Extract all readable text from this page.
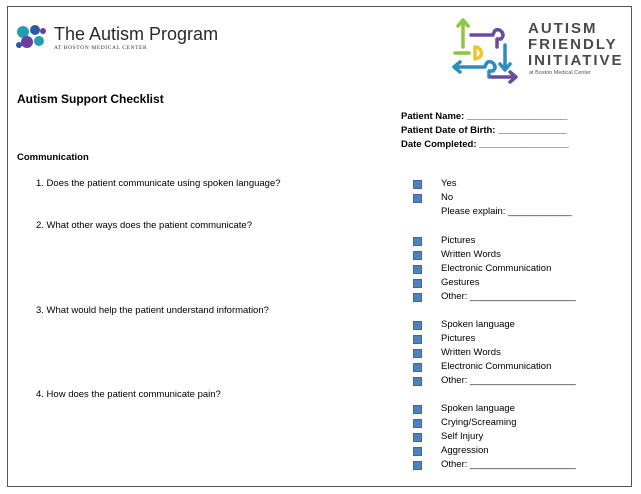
The Autism Program
AT BOSTON MEDICAL CENTER
AUTISM
FRIENDLY
INITIATIVE
at Boston Medical Center
Autism Support Checklist
Patient Name: ___________________
Patient Date of Birth: _____________
Date Completed: _________________
Communication
1. Does the patient communicate using spoken language?	Yes
No
Please explain: ____________
2. What other ways does the patient communicate?
Pictures
Written Words
Electronic Communication
Gestures
Other: ____________________
3. What would help the patient understand information?
Spoken language
Pictures
Written Words
Electronic Communication
Other: ____________________
4. How does the patient communicate pain?
Spoken language
Crying/Screaming
Self Injury
Aggression
Other: ____________________
